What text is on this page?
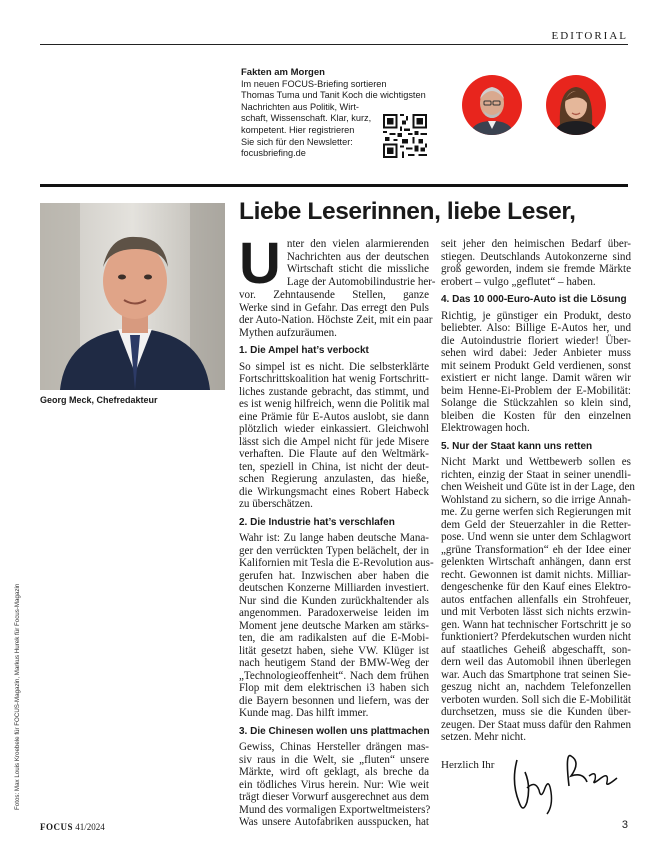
EDITORIAL
Fakten am Morgen
Im neuen FOCUS-Briefing sortieren
Thomas Tuma und Tanit Koch die wichtigsten
Nachrichten aus Politik, Wirt-
schaft, Wissenschaft. Klar, kurz,
kompetent. Hier registrieren
Sie sich für den Newsletter:
focusbriefing.de
Georg Meck, Chefredakteur
Fotos: Max Louis Kroebele für FOCUS-Magazin, Markus Hurek für Focus-Magazin
Liebe Leserinnen, liebe Leser,
U nter den vielen alarmierenden
Nachrichten aus der deutschen
Wirtschaft sticht die missliche
Lage der Automobilindustrie her-
vor. Zehntausende Stellen, ganze
Werke sind in Gefahr. Das erregt den Puls
der Auto-Nation. Höchste Zeit, mit ein paar
Mythen aufzuräumen.
1. Die Ampel hat’s verbockt
So simpel ist es nicht. Die selbsterklärte
Fortschrittskoalition hat wenig Fortschritt-
liches zustande gebracht, das stimmt, und
es ist wenig hilfreich, wenn die Politik mal
eine Prämie für E-Autos auslobt, sie dann
plötzlich wieder einkassiert. Gleichwohl
lässt sich die Ampel nicht für jede Misere
verhaften. Die Flaute auf den Weltmärk-
ten, speziell in China, ist nicht der deut-
schen Regierung anzulasten, das hieße,
die Wirkungsmacht eines Robert Habeck
zu überschätzen.
2. Die Industrie hat’s verschlafen
Wahr ist: Zu lange haben deutsche Mana-
ger den verrückten Typen belächelt, der in
Kalifornien mit Tesla die E-Revolution aus-
gerufen hat. Inzwischen aber haben die
deutschen Konzerne Milliarden investiert.
Nur sind die Kunden zurückhaltender als
angenommen. Paradoxerweise leiden im
Moment jene deutsche Marken am stärks-
ten, die am radikalsten auf die E-Mobi-
lität gesetzt haben, siehe VW. Klüger ist
nach heutigem Stand der BMW-Weg der
„Technologieoffenheit“. Nach dem frühen
Flop mit dem elektrischen i3 haben sich
die Bayern besonnen und liefern, was der
Kunde mag. Das hilft immer.
3. Die Chinesen wollen uns plattmachen
Gewiss, Chinas Hersteller drängen mas-
siv raus in die Welt, sie „fluten“ unsere
Märkte, wird oft geklagt, als breche da
ein tödliches Virus herein. Nur: Wie weit
trägt dieser Vorwurf ausgerechnet aus dem
Mund des vormaligen Exportweltmeisters?
Was unsere Autofabriken ausspucken, hat
seit jeher den heimischen Bedarf über-
stiegen. Deutschlands Autokonzerne sind
groß geworden, indem sie fremde Märkte
erobert – vulgo „geflutet“ – haben.
4. Das 10 000-Euro-Auto ist die Lösung
Richtig, je günstiger ein Produkt, desto
beliebter. Also: Billige E-Autos her, und
die Autoindustrie floriert wieder! Über-
sehen wird dabei: Jeder Anbieter muss
mit seinem Produkt Geld verdienen, sonst
existiert er nicht lange. Damit wären wir
beim Henne-Ei-Problem der E-Mobilität:
Solange die Stückzahlen so klein sind,
bleiben die Kosten für den einzelnen
Elektrowagen hoch.
5. Nur der Staat kann uns retten
Nicht Markt und Wettbewerb sollen es
richten, einzig der Staat in seiner unendli-
chen Weisheit und Güte ist in der Lage, den
Wohlstand zu sichern, so die irrige Annah-
me. Zu gerne werfen sich Regierungen mit
dem Geld der Steuerzahler in die Retter-
pose. Und wenn sie unter dem Schlagwort
„grüne Transformation“ eh der Idee einer
gelenkten Wirtschaft anhängen, dann erst
recht. Gewonnen ist damit nichts. Milliar-
dengeschenke für den Kauf eines Elektro-
autos entfachen allenfalls ein Strohfeuer,
und mit Verboten lässt sich nichts erzwin-
gen. Wann hat technischer Fortschritt je so
funktioniert? Pferdekutschen wurden nicht
auf staatliches Geheiß abgeschafft, son-
dern weil das Automobil ihnen überlegen
war. Auch das Smartphone trat seinen Sie-
geszug nicht an, nachdem Telefonzellen
verboten wurden. Soll sich die E-Mobilität
durchsetzen, muss sie die Kunden über-
zeugen. Der Staat muss dafür den Rahmen
setzen. Mehr nicht.
Herzlich Ihr
FOCUS 41/2024	3
